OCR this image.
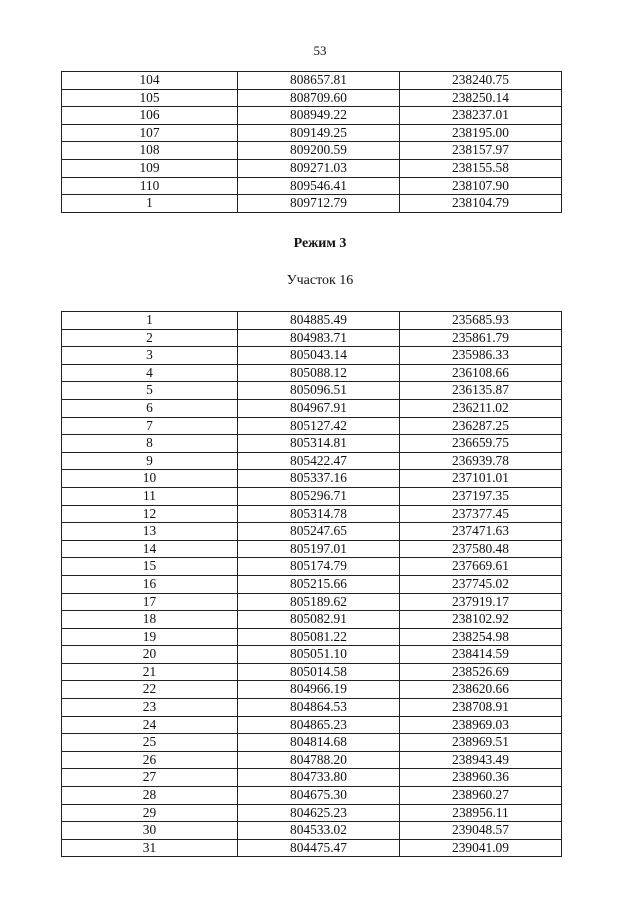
53
104	808657.81	238240.75
105	808709.60	238250.14
106	808949.22	238237.01
107	809149.25	238195.00
108	809200.59	238157.97
109	809271.03	238155.58
110	809546.41	238107.90
1	809712.79	238104.79
Режим 3
Участок 16
1	804885.49	235685.93
2	804983.71	235861.79
3	805043.14	235986.33
4	805088.12	236108.66
5	805096.51	236135.87
6	804967.91	236211.02
7	805127.42	236287.25
8	805314.81	236659.75
9	805422.47	236939.78
10	805337.16	237101.01
11	805296.71	237197.35
12	805314.78	237377.45
13	805247.65	237471.63
14	805197.01	237580.48
15	805174.79	237669.61
16	805215.66	237745.02
17	805189.62	237919.17
18	805082.91	238102.92
19	805081.22	238254.98
20	805051.10	238414.59
21	805014.58	238526.69
22	804966.19	238620.66
23	804864.53	238708.91
24	804865.23	238969.03
25	804814.68	238969.51
26	804788.20	238943.49
27	804733.80	238960.36
28	804675.30	238960.27
29	804625.23	238956.11
30	804533.02	239048.57
31	804475.47	239041.09
